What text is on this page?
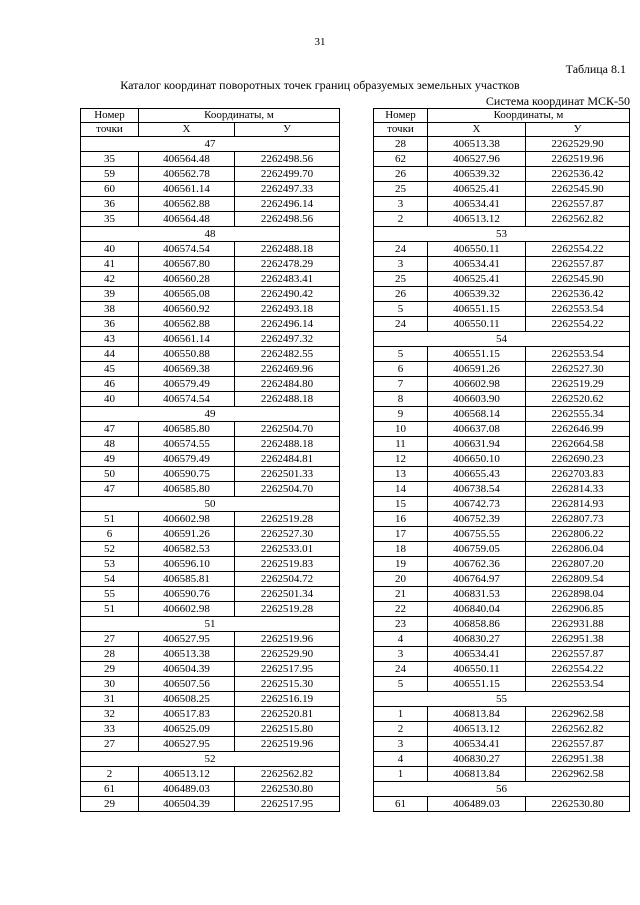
31
Таблица 8.1
Каталог координат поворотных точек границ образуемых земельных участков
Система координат МСК-50
Номер	Координаты, м	
точки	X	У
47		
35	406564.48	2262498.56
59	406562.78	2262499.70
60	406561.14	2262497.33
36	406562.88	2262496.14
35	406564.48	2262498.56
48		
40	406574.54	2262488.18
41	406567.80	2262478.29
42	406560.28	2262483.41
39	406565.08	2262490.42
38	406560.92	2262493.18
36	406562.88	2262496.14
43	406561.14	2262497.32
44	406550.88	2262482.55
45	406569.38	2262469.96
46	406579.49	2262484.80
40	406574.54	2262488.18
49		
47	406585.80	2262504.70
48	406574.55	2262488.18
49	406579.49	2262484.81
50	406590.75	2262501.33
47	406585.80	2262504.70
50		
51	406602.98	2262519.28
6	406591.26	2262527.30
52	406582.53	2262533.01
53	406596.10	2262519.83
54	406585.81	2262504.72
55	406590.76	2262501.34
51	406602.98	2262519.28
51		
27	406527.95	2262519.96
28	406513.38	2262529.90
29	406504.39	2262517.95
30	406507.56	2262515.30
31	406508.25	2262516.19
32	406517.83	2262520.81
33	406525.09	2262515.80
27	406527.95	2262519.96
52		
2	406513.12	2262562.82
61	406489.03	2262530.80
29	406504.39	2262517.95
Номер	Координаты, м	
точки	X	У
28	406513.38	2262529.90
62	406527.96	2262519.96
26	406539.32	2262536.42
25	406525.41	2262545.90
3	406534.41	2262557.87
2	406513.12	2262562.82
53		
24	406550.11	2262554.22
3	406534.41	2262557.87
25	406525.41	2262545.90
26	406539.32	2262536.42
5	406551.15	2262553.54
24	406550.11	2262554.22
54		
5	406551.15	2262553.54
6	406591.26	2262527.30
7	406602.98	2262519.29
8	406603.90	2262520.62
9	406568.14	2262555.34
10	406637.08	2262646.99
11	406631.94	2262664.58
12	406650.10	2262690.23
13	406655.43	2262703.83
14	406738.54	2262814.33
15	406742.73	2262814.93
16	406752.39	2262807.73
17	406755.55	2262806.22
18	406759.05	2262806.04
19	406762.36	2262807.20
20	406764.97	2262809.54
21	406831.53	2262898.04
22	406840.04	2262906.85
23	406858.86	2262931.88
4	406830.27	2262951.38
3	406534.41	2262557.87
24	406550.11	2262554.22
5	406551.15	2262553.54
55		
1	406813.84	2262962.58
2	406513.12	2262562.82
3	406534.41	2262557.87
4	406830.27	2262951.38
1	406813.84	2262962.58
56		
61	406489.03	2262530.80
